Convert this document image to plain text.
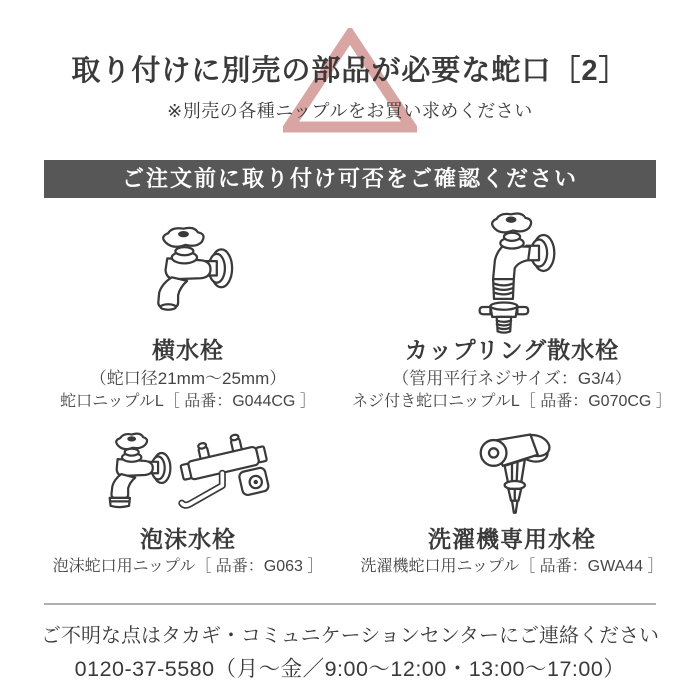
取り付けに別売の部品が必要な蛇口［2］

※別売の各種ニップルをお買い求めください

ご注文前に取り付け可否をご確認ください
横水栓
（蛇口径21mm〜25mm）
蛇口ニップルL［ 品番：G044CG ］
カップリング散水栓
（管用平行ネジサイズ：G3/4）
ネジ付き蛇口ニップルL［ 品番：G070CG ］
泡沫水栓
泡沫蛇口用ニップル［ 品番：G063 ］
洗濯機専用水栓
洗濯機蛇口用ニップル［ 品番：GWA44 ］

ご不明な点はタカギ・コミュニケーションセンターにご連絡ください

0120-37-5580（月〜金／9:00〜12:00・13:00〜17:00）
